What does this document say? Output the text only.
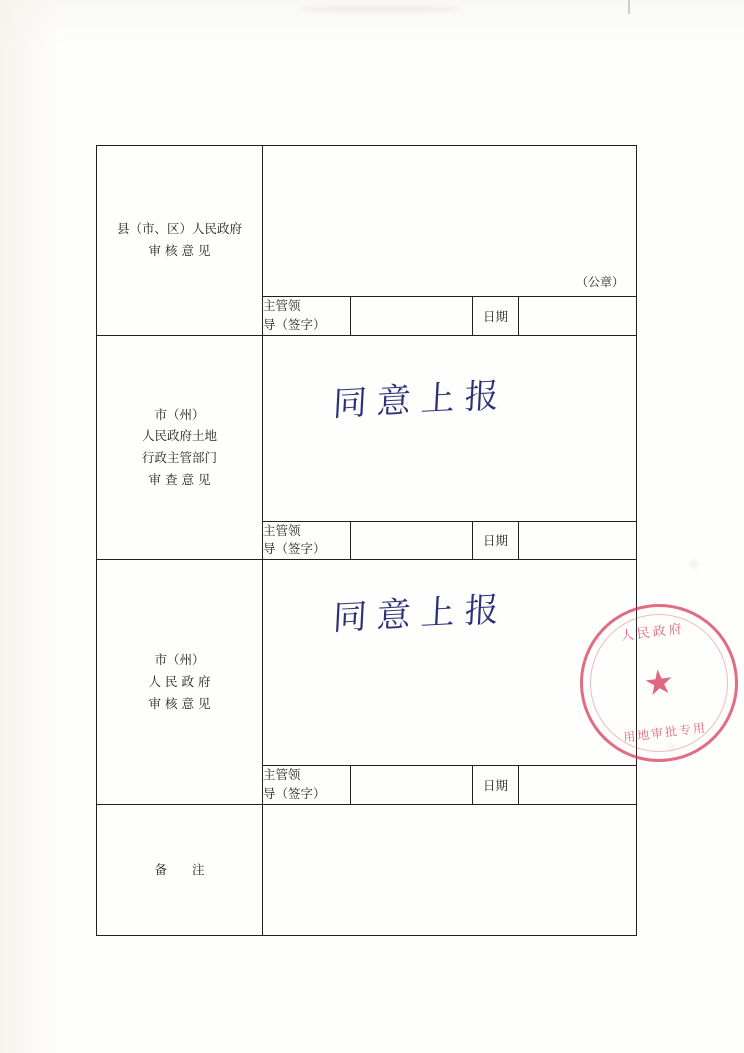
县（市、区）人民政府
审 核 意 见	（公章）			

	主管领
导（签字）		日期	

市（州）
人民政府土地
行政主管部门
审 查 意 见	同意上报			

	主管领
导（签字）		日期	

市（州）
人 民 政 府
审 核 意 见

同意上报	人民政府
★
用地审批专用

	主管领
导（签字）		日期	

备　　注				
